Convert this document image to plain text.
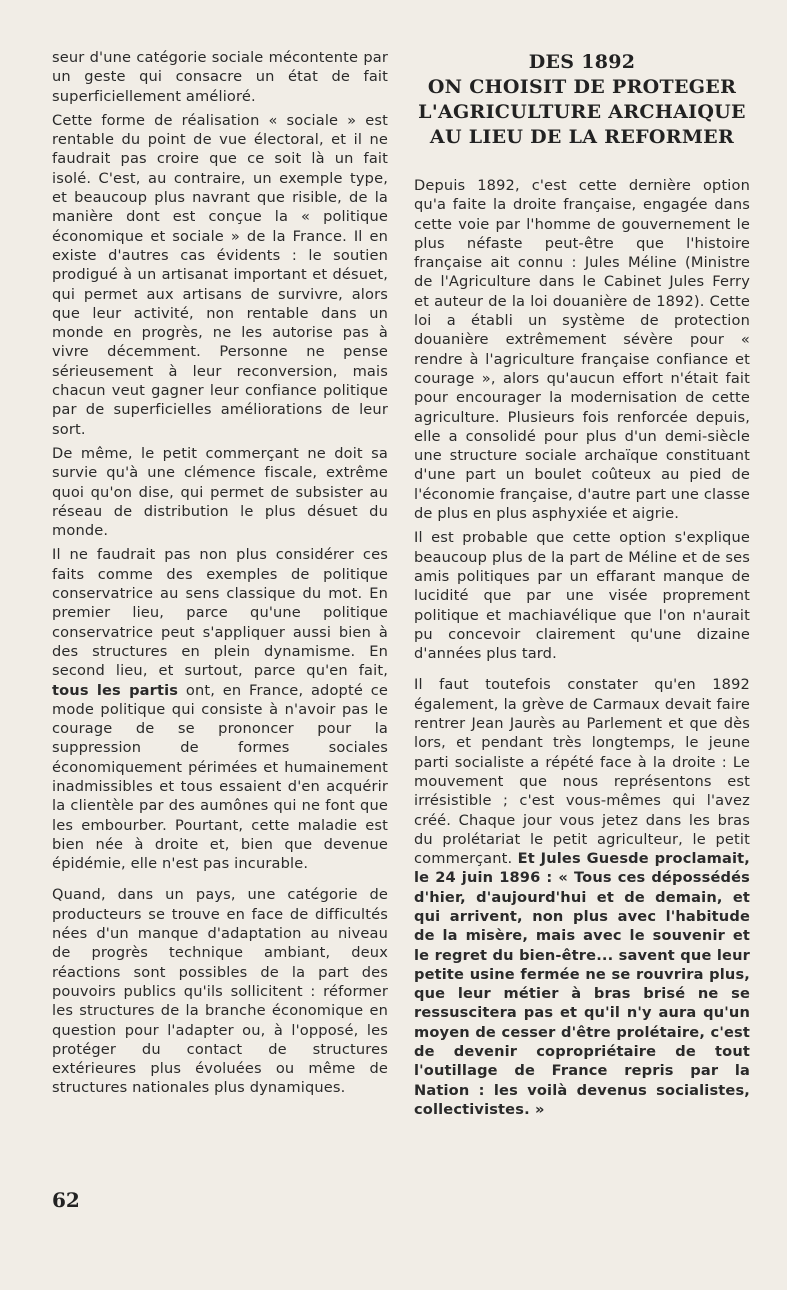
seur d'une catégorie sociale mécontente par un geste qui consacre un état de fait superficiellement amélioré.

Cette forme de réalisation « sociale » est rentable du point de vue électoral, et il ne faudrait pas croire que ce soit là un fait isolé. C'est, au contraire, un exemple type, et beaucoup plus navrant que risible, de la manière dont est conçue la « politique économique et sociale » de la France. Il en existe d'autres cas évidents : le soutien prodigué à un artisanat important et désuet, qui permet aux artisans de survivre, alors que leur activité, non rentable dans un monde en progrès, ne les autorise pas à vivre décemment. Personne ne pense sérieusement à leur reconversion, mais chacun veut gagner leur confiance politique par de superficielles améliorations de leur sort.

De même, le petit commerçant ne doit sa survie qu'à une clémence fiscale, extrême quoi qu'on dise, qui permet de subsister au réseau de distribution le plus désuet du monde.

Il ne faudrait pas non plus considérer ces faits comme des exemples de politique conservatrice au sens classique du mot. En premier lieu, parce qu'une politique conservatrice peut s'appliquer aussi bien à des structures en plein dynamisme. En second lieu, et surtout, parce qu'en fait, tous les partis ont, en France, adopté ce mode politique qui consiste à n'avoir pas le courage de se prononcer pour la suppression de formes sociales économiquement périmées et humainement inadmissibles et tous essaient d'en acquérir la clientèle par des aumônes qui ne font que les embourber. Pourtant, cette maladie est bien née à droite et, bien que devenue épidémie, elle n'est pas incurable.

Quand, dans un pays, une catégorie de producteurs se trouve en face de difficultés nées d'un manque d'adaptation au niveau de progrès technique ambiant, deux réactions sont possibles de la part des pouvoirs publics qu'ils sollicitent : réformer les structures de la branche économique en question pour l'adapter ou, à l'opposé, les protéger du contact de structures extérieures plus évoluées ou même de structures nationales plus dynamiques.

DES 1892
ON CHOISIT DE PROTEGER
L'AGRICULTURE ARCHAIQUE
AU LIEU DE LA REFORMER

Depuis 1892, c'est cette dernière option qu'a faite la droite française, engagée dans cette voie par l'homme de gouvernement le plus néfaste peut-être que l'histoire française ait connu : Jules Méline (Ministre de l'Agriculture dans le Cabinet Jules Ferry et auteur de la loi douanière de 1892). Cette loi a établi un système de protection douanière extrêmement sévère pour « rendre à l'agriculture française confiance et courage », alors qu'aucun effort n'était fait pour encourager la modernisation de cette agriculture. Plusieurs fois renforcée depuis, elle a consolidé pour plus d'un demi-siècle une structure sociale archaïque constituant d'une part un boulet coûteux au pied de l'économie française, d'autre part une classe de plus en plus asphyxiée et aigrie.

Il est probable que cette option s'explique beaucoup plus de la part de Méline et de ses amis politiques par un effarant manque de lucidité que par une visée proprement politique et machiavélique que l'on n'aurait pu concevoir clairement qu'une dizaine d'années plus tard.

Il faut toutefois constater qu'en 1892 également, la grève de Carmaux devait faire rentrer Jean Jaurès au Parlement et que dès lors, et pendant très longtemps, le jeune parti socialiste a répété face à la droite : Le mouvement que nous représentons est irrésistible ; c'est vous-mêmes qui l'avez créé. Chaque jour vous jetez dans les bras du prolétariat le petit agriculteur, le petit commerçant. Et Jules Guesde proclamait, le 24 juin 1896 : « Tous ces dépossédés d'hier, d'aujourd'hui et de demain, et qui arrivent, non plus avec l'habitude de la misère, mais avec le souvenir et le regret du bien-être... savent que leur petite usine fermée ne se rouvrira plus, que leur métier à bras brisé ne se ressuscitera pas et qu'il n'y aura qu'un moyen de cesser d'être prolétaire, c'est de devenir copropriétaire de tout l'outillage de France repris par la Nation : les voilà devenus socialistes, collectivistes. »

62
